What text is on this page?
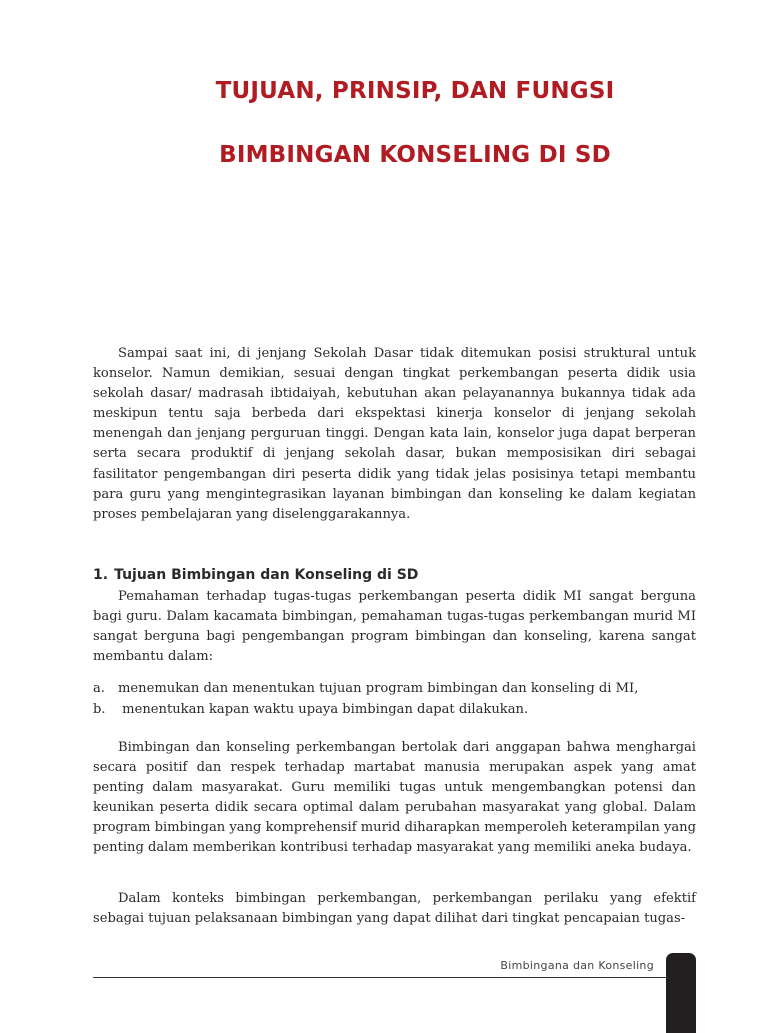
TUJUAN, PRINSIP, DAN FUNGSI
BIMBINGAN KONSELING DI SD

Sampai saat ini, di jenjang Sekolah Dasar tidak ditemukan posisi struktural untuk konselor. Namun demikian, sesuai dengan tingkat perkembangan peserta didik usia sekolah dasar/ madrasah ibtidaiyah, kebutuhan akan pelayanannya bukannya tidak ada meskipun tentu saja berbeda dari ekspektasi kinerja konselor di jenjang sekolah menengah dan jenjang perguruan tinggi. Dengan kata lain, konselor juga dapat berperan serta secara produktif di jenjang sekolah dasar, bukan memposisikan diri sebagai fasilitator pengembangan diri peserta didik yang tidak jelas posisinya tetapi membantu para guru yang mengintegrasikan layanan bimbingan dan konseling ke dalam kegiatan proses pembelajaran yang diselenggarakannya.

1. Tujuan Bimbingan dan Konseling di SD

Pemahaman terhadap tugas-tugas perkembangan peserta didik MI sangat berguna bagi guru. Dalam kacamata bimbingan, pemahaman tugas-tugas perkembangan murid MI sangat berguna bagi pengembangan program bimbingan dan konseling, karena sangat membantu dalam:

a. menemukan dan menentukan tujuan program bimbingan dan konseling di MI,
b. menentukan kapan waktu upaya bimbingan dapat dilakukan.

Bimbingan dan konseling perkembangan bertolak dari anggapan bahwa menghargai secara positif dan respek terhadap martabat manusia merupakan aspek yang amat penting dalam masyarakat. Guru memiliki tugas untuk mengembangkan potensi dan keunikan peserta didik secara optimal dalam perubahan masyarakat yang global. Dalam program bimbingan yang komprehensif murid diharapkan memperoleh keterampilan yang penting dalam memberikan kontribusi terhadap masyarakat yang memiliki aneka budaya.

Dalam konteks bimbingan perkembangan, perkembangan perilaku yang efektif sebagai tujuan pelaksanaan bimbingan yang dapat dilihat dari tingkat pencapaian tugas-

Bimbingana dan Konseling
